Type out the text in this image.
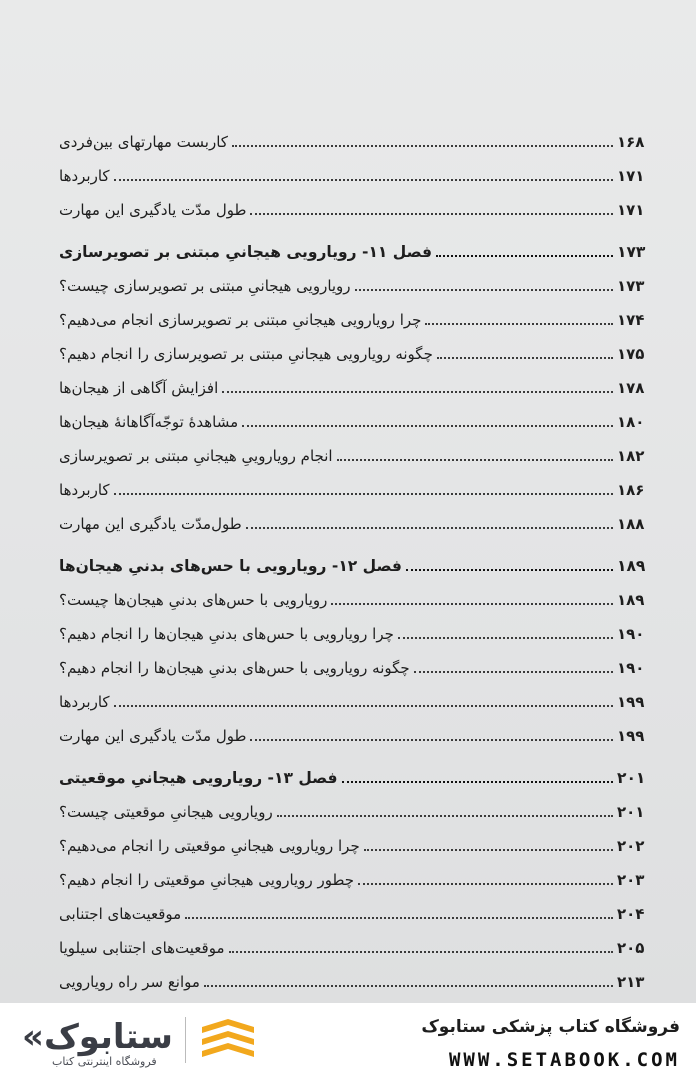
کاربست مهارتهای بین‌فردی	۱۶۸
کاربردها	۱۷۱
طول مدّت یادگیری این مهارت	۱۷۱
فصل ۱۱- رویارویی هیجانیِ مبتنی بر تصویرسازی	۱۷۳
رویارویی هیجانیِ مبتنی بر تصویرسازی چیست؟	۱۷۳
چرا رویارویی هیجانیِ مبتنی بر تصویرسازی انجام می‌دهیم؟	۱۷۴
چگونه رویارویی هیجانیِ مبتنی بر تصویرسازی را انجام دهیم؟	۱۷۵
افزایش آگاهی از هیجان‌ها	۱۷۸
مشاهدهٔ توجّه‌آگاهانهٔ هیجان‌ها	۱۸۰
انجام رویاروییِ هیجانیِ مبتنی بر تصویرسازی	۱۸۲
کاربردها	۱۸۶
طول‌مدّت یادگیری این مهارت	۱۸۸
فصل ۱۲- رویارویی با حس‌های بدنیِ هیجان‌ها	۱۸۹
رویارویی با حس‌های بدنیِ هیجان‌ها چیست؟	۱۸۹
چرا رویارویی با حس‌های بدنیِ هیجان‌ها را انجام دهیم؟	۱۹۰
چگونه رویارویی با حس‌های بدنیِ هیجان‌ها را انجام دهیم؟	۱۹۰
کاربردها	۱۹۹
طول مدّت یادگیری این مهارت	۱۹۹
فصل ۱۳- رویارویی هیجانیِ موقعیتی	۲۰۱
رویارویی هیجانیِ موقعیتی چیست؟	۲۰۱
چرا رویارویی هیجانیِ موقعیتی را انجام می‌دهیم؟	۲۰۲
چطور رویارویی هیجانیِ موقعیتی را انجام دهیم؟	۲۰۳
موقعیت‌های اجتنابی	۲۰۴
موقعیت‌های اجتنابی سیلویا	۲۰۵
موانع سر راه رویارویی	۲۱۳
«ستابوک
فروشگاه اینترنتی کتاب
فروشگاه کتاب پزشکی ستابوک
WWW.SETABOOK.COM
